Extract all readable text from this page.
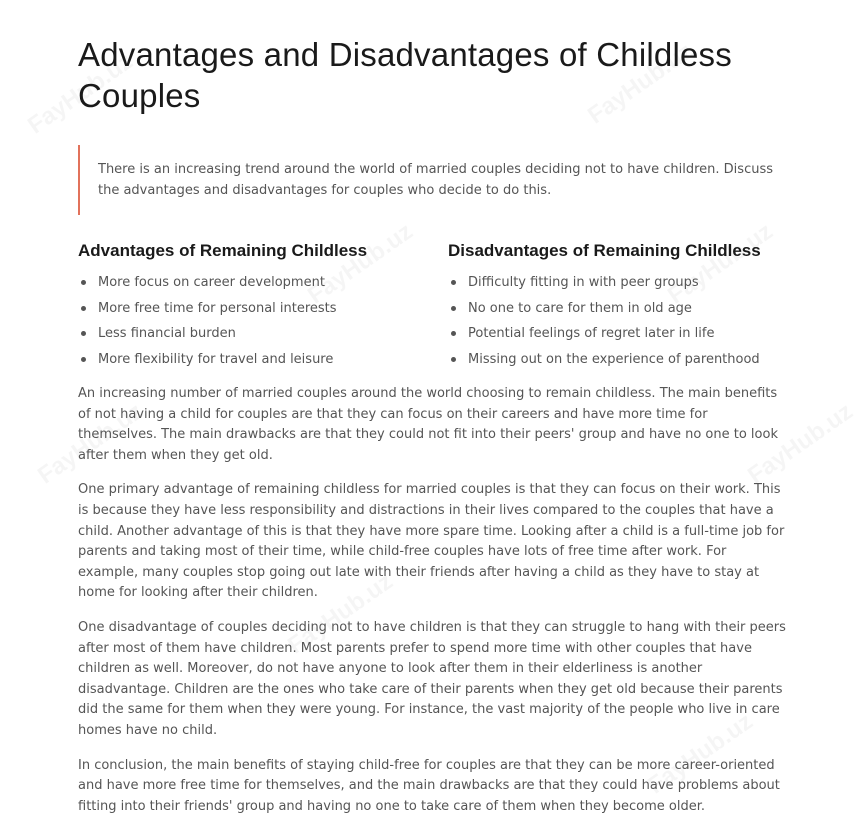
Advantages and Disadvantages of Childless Couples

There is an increasing trend around the world of married couples deciding not to have children. Discuss the advantages and disadvantages for couples who decide to do this.

Advantages of Remaining Childless
More focus on career development
More free time for personal interests
Less financial burden
More flexibility for travel and leisure
Disadvantages of Remaining Childless
Difficulty fitting in with peer groups
No one to care for them in old age
Potential feelings of regret later in life
Missing out on the experience of parenthood

An increasing number of married couples around the world choosing to remain childless. The main benefits of not having a child for couples are that they can focus on their careers and have more time for themselves. The main drawbacks are that they could not fit into their peers' group and have no one to look after them when they get old.

One primary advantage of remaining childless for married couples is that they can focus on their work. This is because they have less responsibility and distractions in their lives compared to the couples that have a child. Another advantage of this is that they have more spare time. Looking after a child is a full-time job for parents and taking most of their time, while child-free couples have lots of free time after work. For example, many couples stop going out late with their friends after having a child as they have to stay at home for looking after their children.

One disadvantage of couples deciding not to have children is that they can struggle to hang with their peers after most of them have children. Most parents prefer to spend more time with other couples that have children as well. Moreover, do not have anyone to look after them in their elderliness is another disadvantage. Children are the ones who take care of their parents when they get old because their parents did the same for them when they were young. For instance, the vast majority of the people who live in care homes have no child.

In conclusion, the main benefits of staying child-free for couples are that they can be more career-oriented and have more free time for themselves, and the main drawbacks are that they could have problems about fitting into their friends' group and having no one to take care of them when they become older.
